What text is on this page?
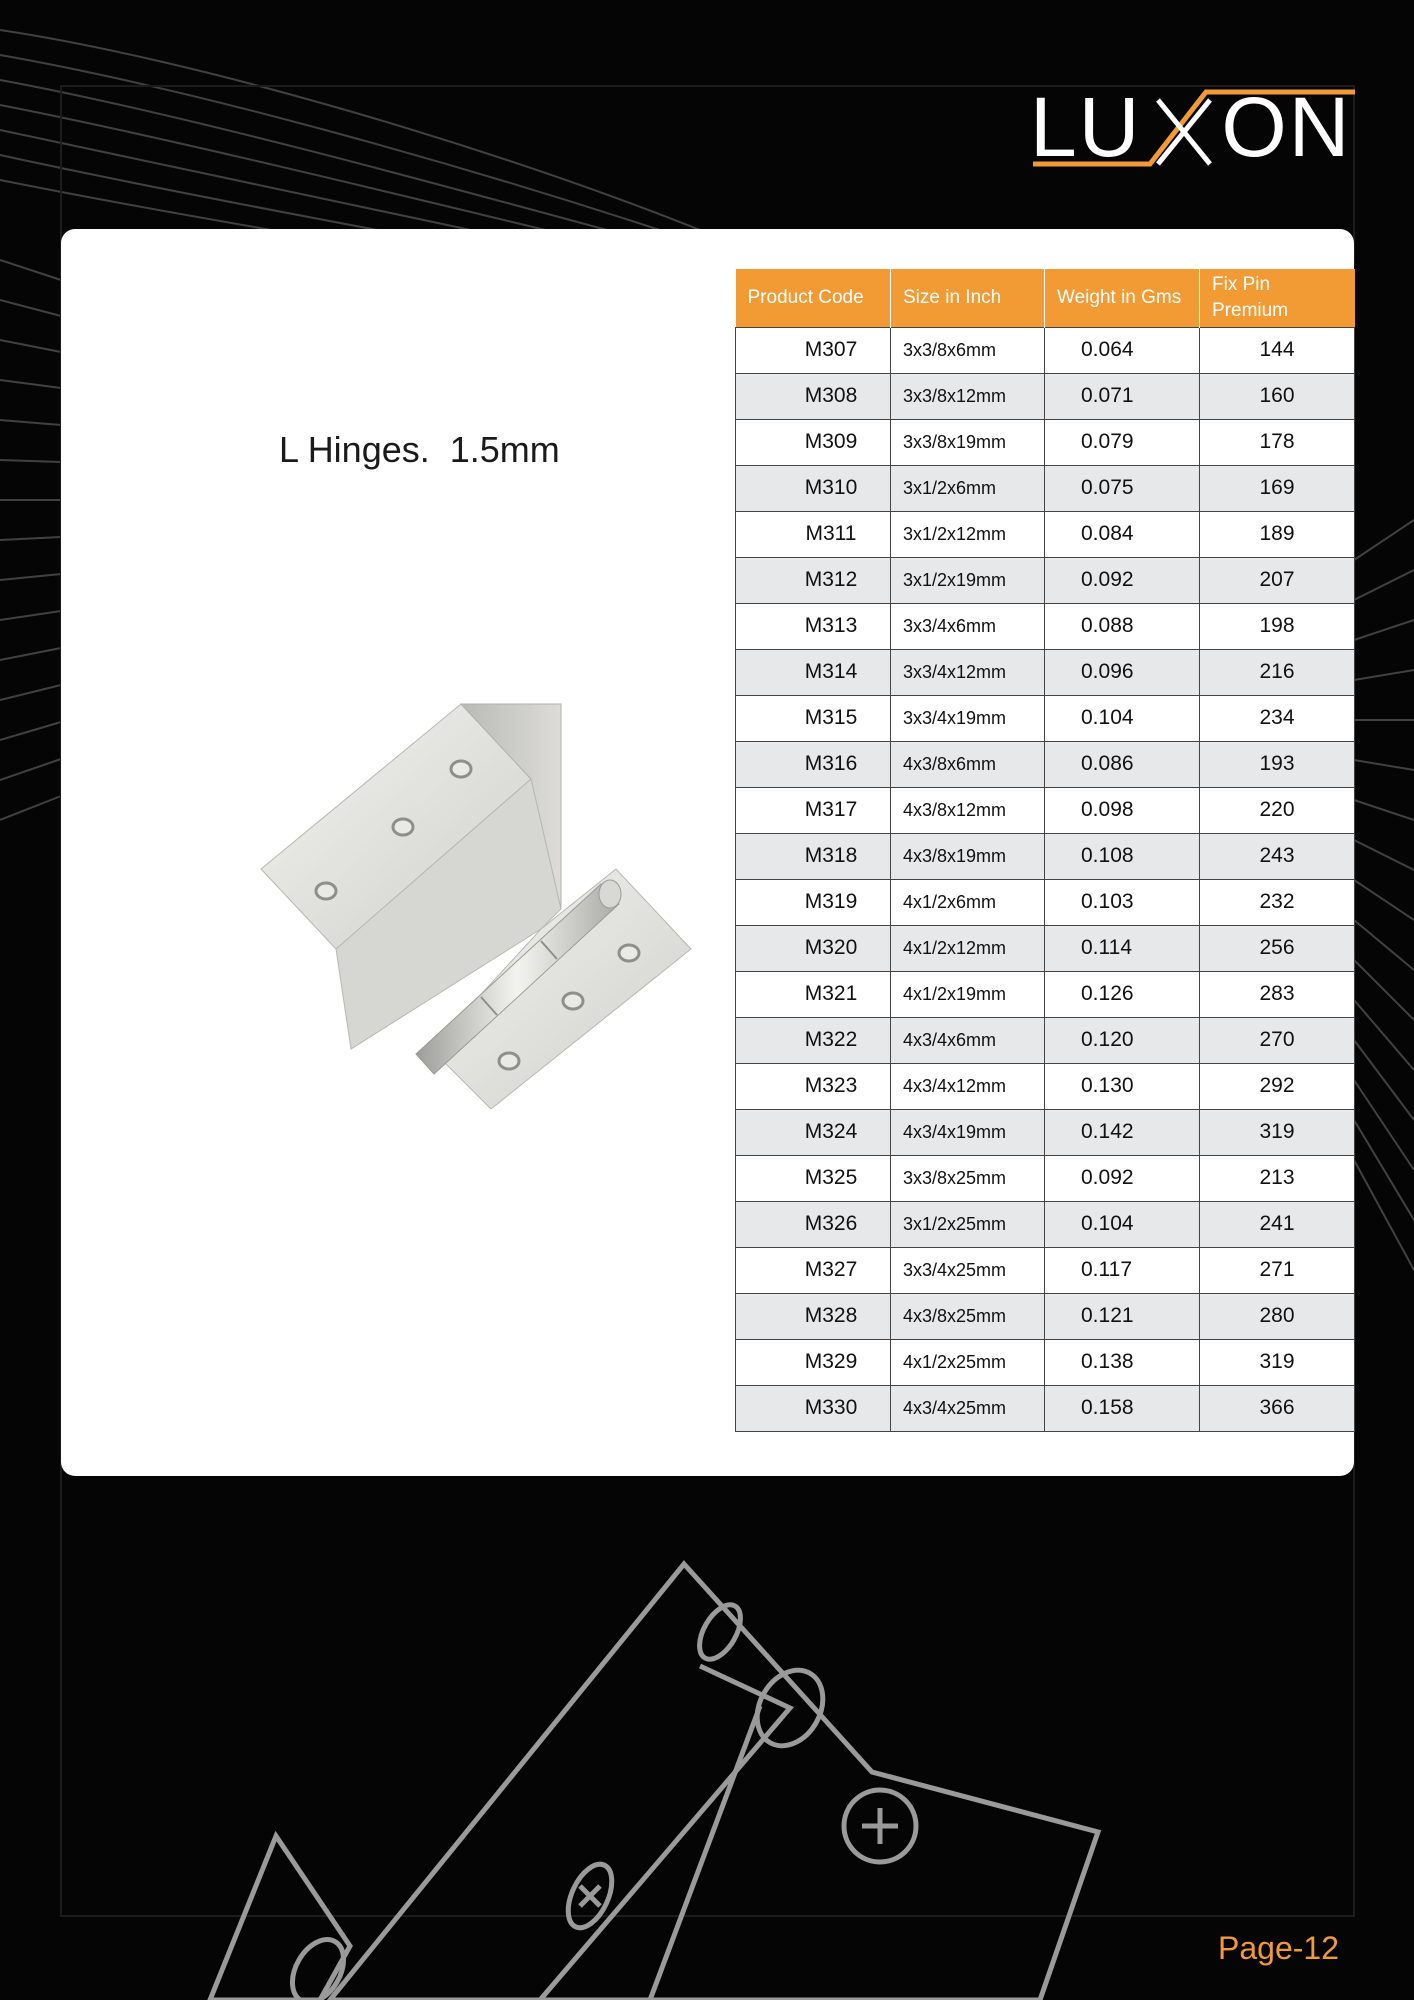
LU ON
L Hinges.  1.5mm
Product Code	Size in Inch	Weight in Gms	Fix Pin Premium
M307	3x3/8x6mm	0.064	144
M308	3x3/8x12mm	0.071	160
M309	3x3/8x19mm	0.079	178
M310	3x1/2x6mm	0.075	169
M311	3x1/2x12mm	0.084	189
M312	3x1/2x19mm	0.092	207
M313	3x3/4x6mm	0.088	198
M314	3x3/4x12mm	0.096	216
M315	3x3/4x19mm	0.104	234
M316	4x3/8x6mm	0.086	193
M317	4x3/8x12mm	0.098	220
M318	4x3/8x19mm	0.108	243
M319	4x1/2x6mm	0.103	232
M320	4x1/2x12mm	0.114	256
M321	4x1/2x19mm	0.126	283
M322	4x3/4x6mm	0.120	270
M323	4x3/4x12mm	0.130	292
M324	4x3/4x19mm	0.142	319
M325	3x3/8x25mm	0.092	213
M326	3x1/2x25mm	0.104	241
M327	3x3/4x25mm	0.117	271
M328	4x3/8x25mm	0.121	280
M329	4x1/2x25mm	0.138	319
M330	4x3/4x25mm	0.158	366
Page-12
